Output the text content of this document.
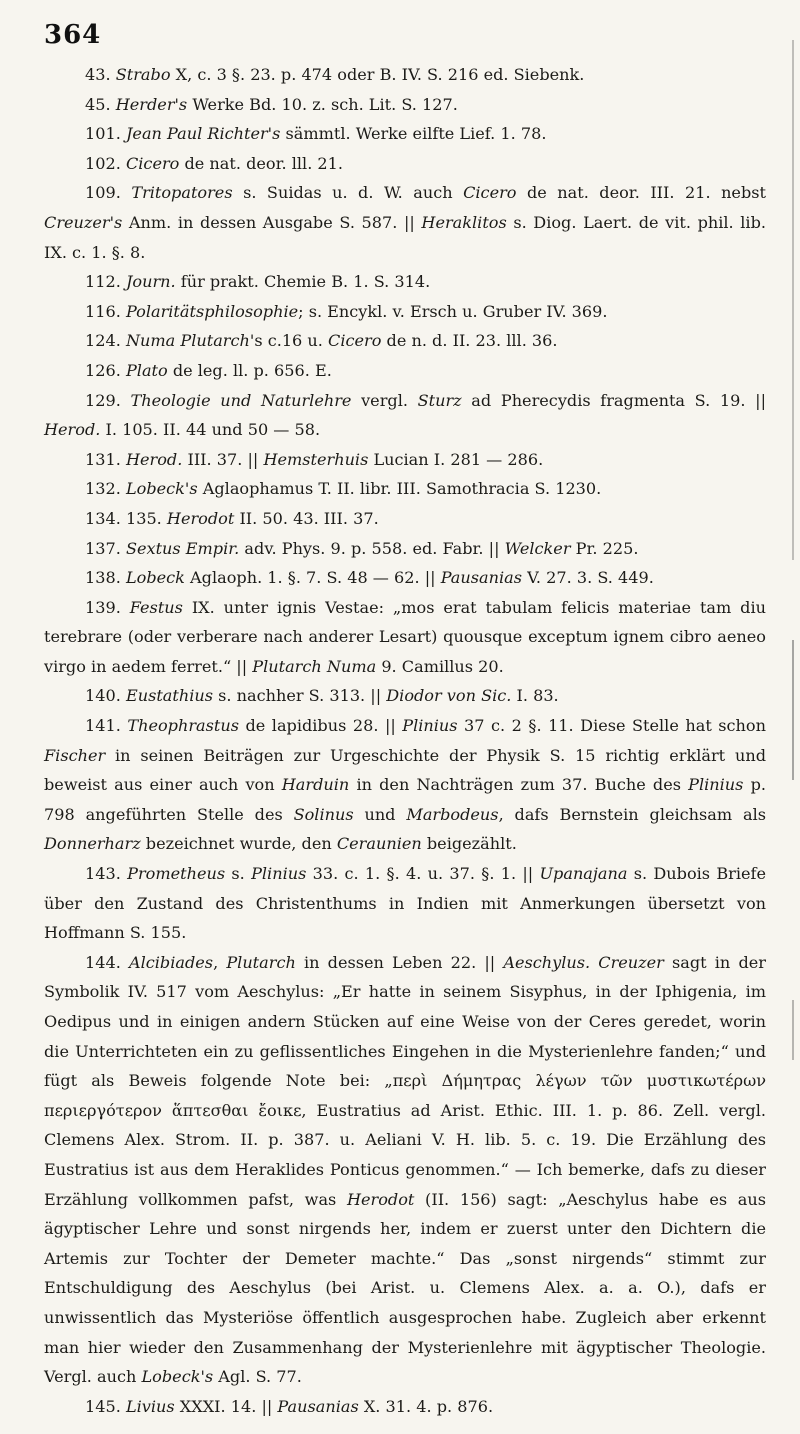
364

43. Strabo X, c. 3 §. 23. p. 474 oder B. IV. S. 216 ed. Siebenk.

45. Herder's Werke Bd. 10. z. sch. Lit. S. 127.

101. Jean Paul Richter's sämmtl. Werke eilfte Lief. 1. 78.

102. Cicero de nat. deor. lll. 21.

109. Tritopatores s. Suidas u. d. W. auch Cicero de nat. deor. III. 21. nebst Creuzer's Anm. in dessen Ausgabe S. 587. || Heraklitos s. Diog. Laert. de vit. phil. lib. IX. c. 1. §. 8.

112. Journ. für prakt. Chemie B. 1. S. 314.

116. Polaritätsphilosophie; s. Encykl. v. Ersch u. Gruber IV. 369.

124. Numa Plutarch's c.16 u. Cicero de n. d. II. 23. lll. 36.

126. Plato de leg. ll. p. 656. E.

129. Theologie und Naturlehre vergl. Sturz ad Pherecydis fragmenta S. 19. || Herod. I. 105. II. 44 und 50 — 58.

131. Herod. III. 37. || Hemsterhuis Lucian I. 281 — 286.

132. Lobeck's Aglaophamus T. II. libr. III. Samothracia S. 1230.

134. 135. Herodot II. 50. 43. III. 37.

137. Sextus Empir. adv. Phys. 9. p. 558. ed. Fabr. || Welcker Pr. 225.

138. Lobeck Aglaoph. 1. §. 7. S. 48 — 62. || Pausanias V. 27. 3. S. 449.

139. Festus IX. unter ignis Vestae: „mos erat tabulam felicis materiae tam diu terebrare (oder verberare nach anderer Lesart) quousque exceptum ignem cibro aeneo virgo in aedem ferret.“ || Plutarch Numa 9. Camillus 20.

140. Eustathius s. nachher S. 313. || Diodor von Sic. I. 83.

141. Theophrastus de lapidibus 28. || Plinius 37 c. 2 §. 11. Diese Stelle hat schon Fischer in seinen Beiträgen zur Urgeschichte der Physik S. 15 richtig erklärt und beweist aus einer auch von Harduin in den Nachträgen zum 37. Buche des Plinius p. 798 angeführten Stelle des Solinus und Marbodeus, dafs Bernstein gleichsam als Donnerharz bezeichnet wurde, den Ceraunien beigezählt.

143. Prometheus s. Plinius 33. c. 1. §. 4. u. 37. §. 1. || Upanajana s. Dubois Briefe über den Zustand des Christenthums in Indien mit Anmerkungen übersetzt von Hoffmann S. 155.

144. Alcibiades, Plutarch in dessen Leben 22. || Aeschylus. Creuzer sagt in der Symbolik IV. 517 vom Aeschylus: „Er hatte in seinem Sisyphus, in der Iphigenia, im Oedipus und in einigen andern Stücken auf eine Weise von der Ceres geredet, worin die Unterrichteten ein zu geflissentliches Eingehen in die Mysterienlehre fanden;“ und fügt als Beweis folgende Note bei: „περὶ Δήμητρας λέγων τῶν μυστικωτέρων περιεργότερον ἅπτεσθαι ἔοικε, Eustratius ad Arist. Ethic. III. 1. p. 86. Zell. vergl. Clemens Alex. Strom. II. p. 387. u. Aeliani V. H. lib. 5. c. 19. Die Erzählung des Eustratius ist aus dem Heraklides Ponticus genommen.“ — Ich bemerke, dafs zu dieser Erzählung vollkommen pafst, was Herodot (II. 156) sagt: „Aeschylus habe es aus ägyptischer Lehre und sonst nirgends her, indem er zuerst unter den Dichtern die Artemis zur Tochter der Demeter machte.“ Das „sonst nirgends“ stimmt zur Entschuldigung des Aeschylus (bei Arist. u. Clemens Alex. a. a. O.), dafs er unwissentlich das Mysteriöse öffentlich ausgesprochen habe. Zugleich aber erkennt man hier wieder den Zusammenhang der Mysterienlehre mit ägyptischer Theologie. Vergl. auch Lobeck's Agl. S. 77.

145. Livius XXXI. 14. || Pausanias X. 31. 4. p. 876.
